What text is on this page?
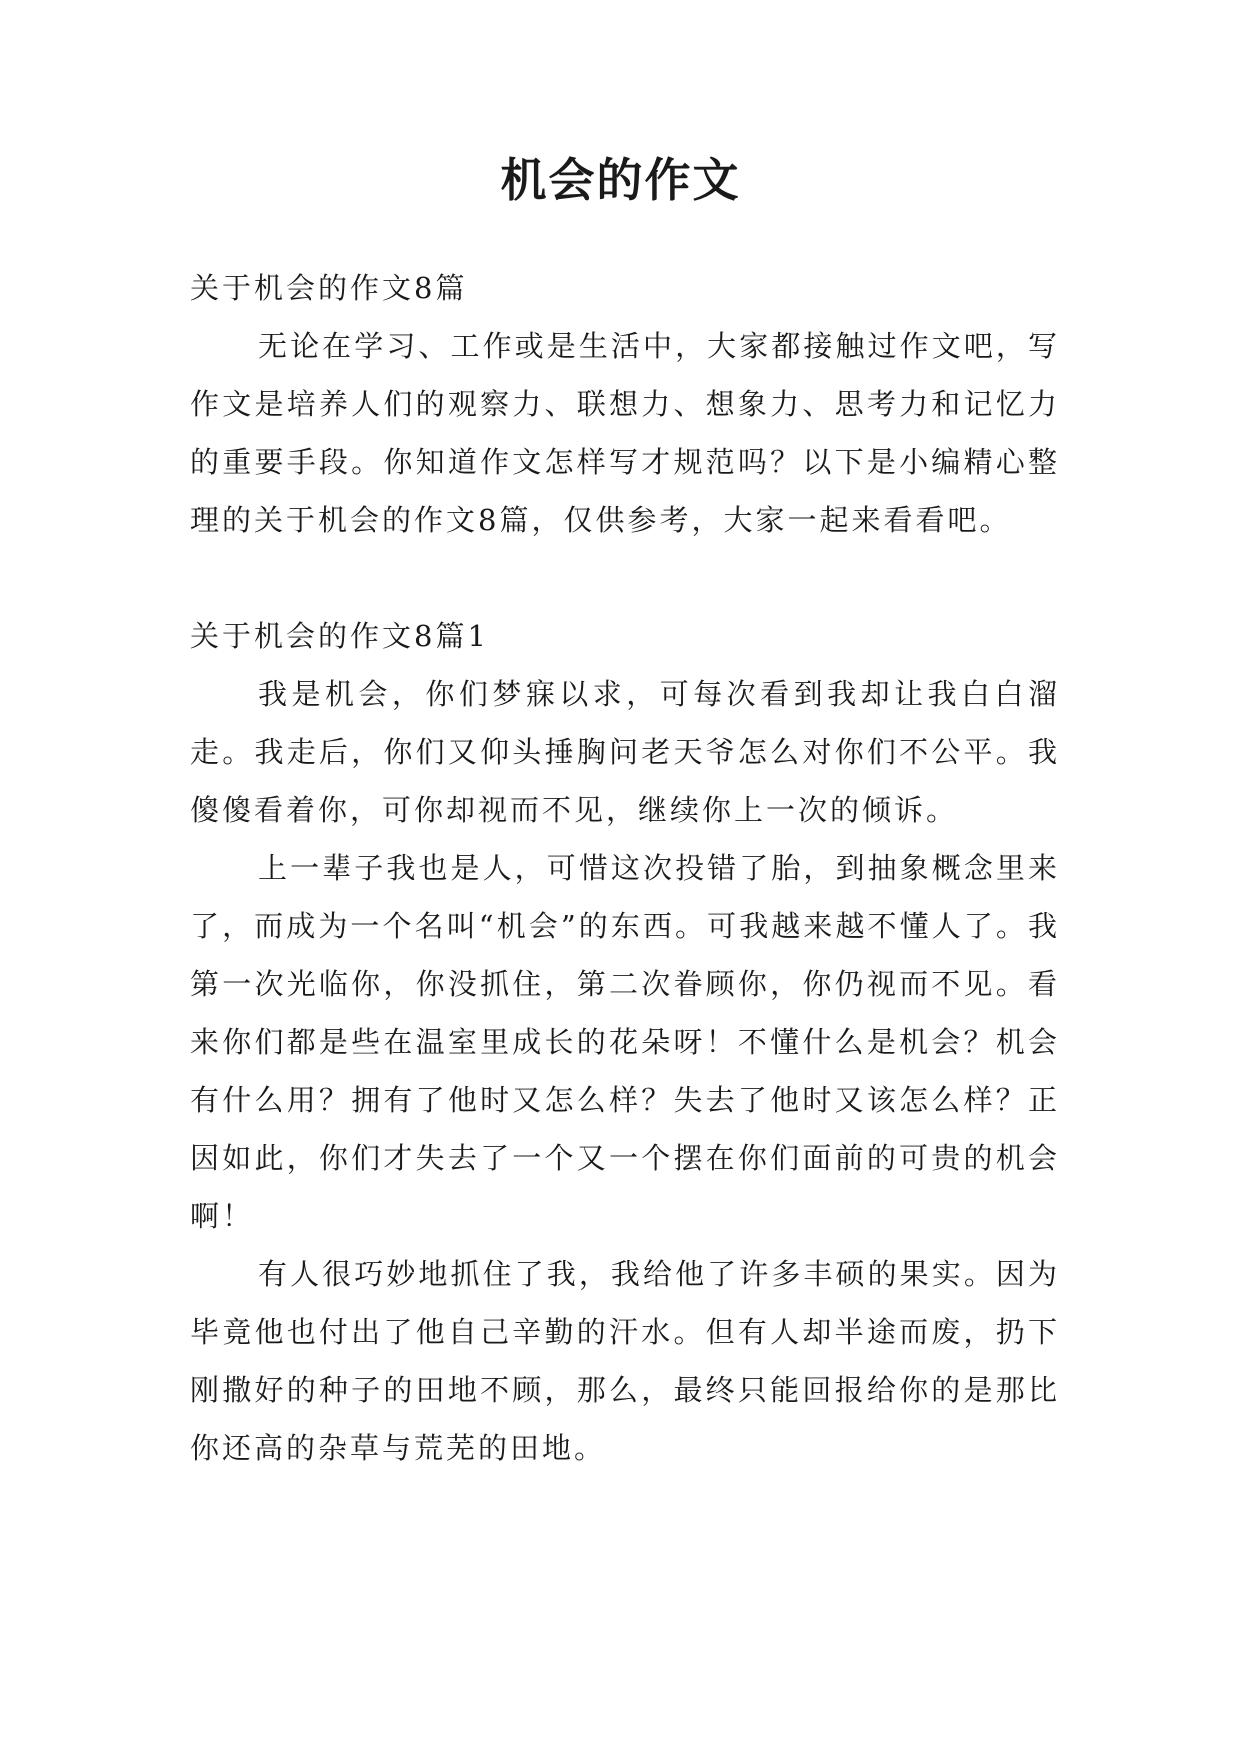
机会的作文

关于机会的作文8篇

无论在学习、工作或是生活中，大家都接触过作文吧，写作文是培养人们的观察力、联想力、想象力、思考力和记忆力的重要手段。你知道作文怎样写才规范吗？以下是小编精心整理的关于机会的作文8篇，仅供参考，大家一起来看看吧。

关于机会的作文8篇1

我是机会，你们梦寐以求，可每次看到我却让我白白溜走。我走后，你们又仰头捶胸问老天爷怎么对你们不公平。我傻傻看着你，可你却视而不见，继续你上一次的倾诉。

上一辈子我也是人，可惜这次投错了胎，到抽象概念里来了，而成为一个名叫“机会”的东西。可我越来越不懂人了。我第一次光临你，你没抓住，第二次眷顾你，你仍视而不见。看来你们都是些在温室里成长的花朵呀！不懂什么是机会？机会有什么用？拥有了他时又怎么样？失去了他时又该怎么样？正因如此，你们才失去了一个又一个摆在你们面前的可贵的机会啊！

有人很巧妙地抓住了我，我给他了许多丰硕的果实。因为毕竟他也付出了他自己辛勤的汗水。但有人却半途而废，扔下刚撒好的种子的田地不顾，那么，最终只能回报给你的是那比你还高的杂草与荒芜的田地。
